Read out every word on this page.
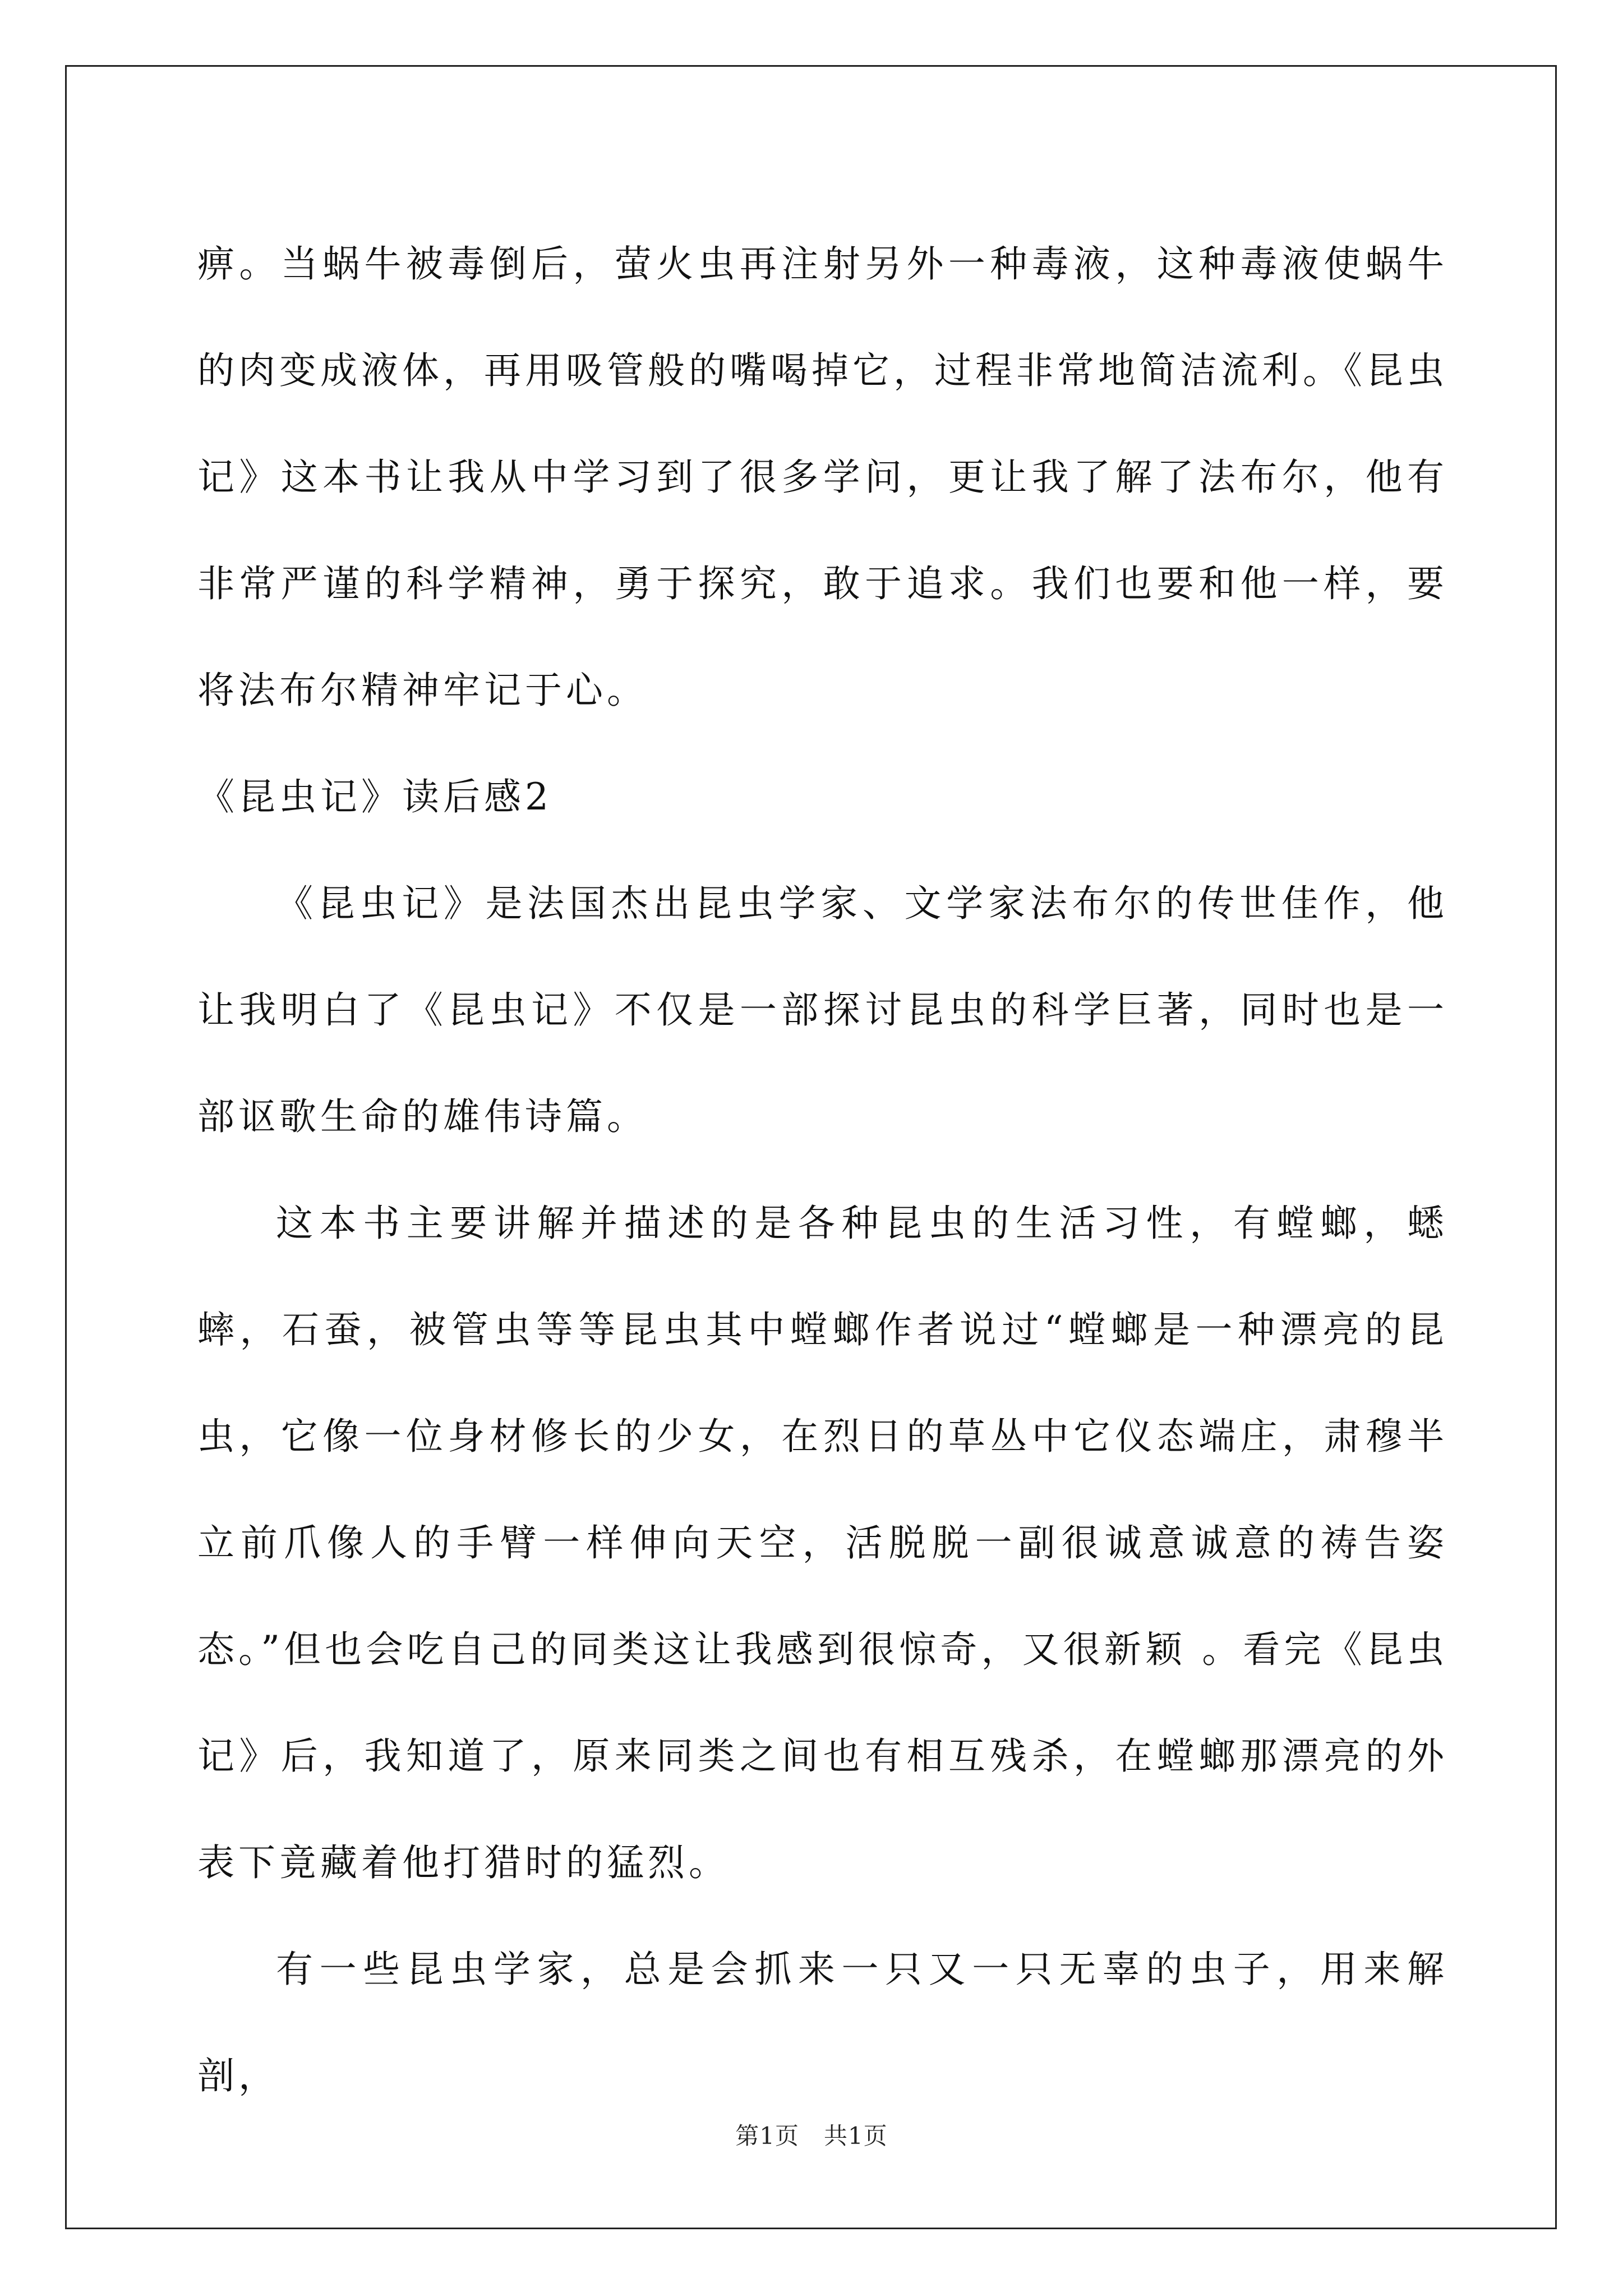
痹。当蜗牛被毒倒后，萤火虫再注射另外一种毒液，这种毒液使蜗牛的肉变成液体，再用吸管般的嘴喝掉它，过程非常地简洁流利。《昆虫记》这本书让我从中学习到了很多学问，更让我了解了法布尔，他有非常严谨的科学精神，勇于探究，敢于追求。我们也要和他一样，要将法布尔精神牢记于心。

《昆虫记》读后感2

《昆虫记》是法国杰出昆虫学家、文学家法布尔的传世佳作，他让我明白了《昆虫记》不仅是一部探讨昆虫的科学巨著，同时也是一部讴歌生命的雄伟诗篇。

这本书主要讲解并描述的是各种昆虫的生活习性，有螳螂，蟋蟀，石蚕，被管虫等等昆虫其中螳螂作者说过“螳螂是一种漂亮的昆虫，它像一位身材修长的少女，在烈日的草丛中它仪态端庄，肃穆半立前爪像人的手臂一样伸向天空，活脱脱一副很诚意诚意的祷告姿态。”但也会吃自己的同类这让我感到很惊奇，又很新颖 。看完《昆虫记》后，我知道了，原来同类之间也有相互残杀，在螳螂那漂亮的外表下竟藏着他打猎时的猛烈。

有一些昆虫学家，总是会抓来一只又一只无辜的虫子，用来解剖，

第1页 共1页
